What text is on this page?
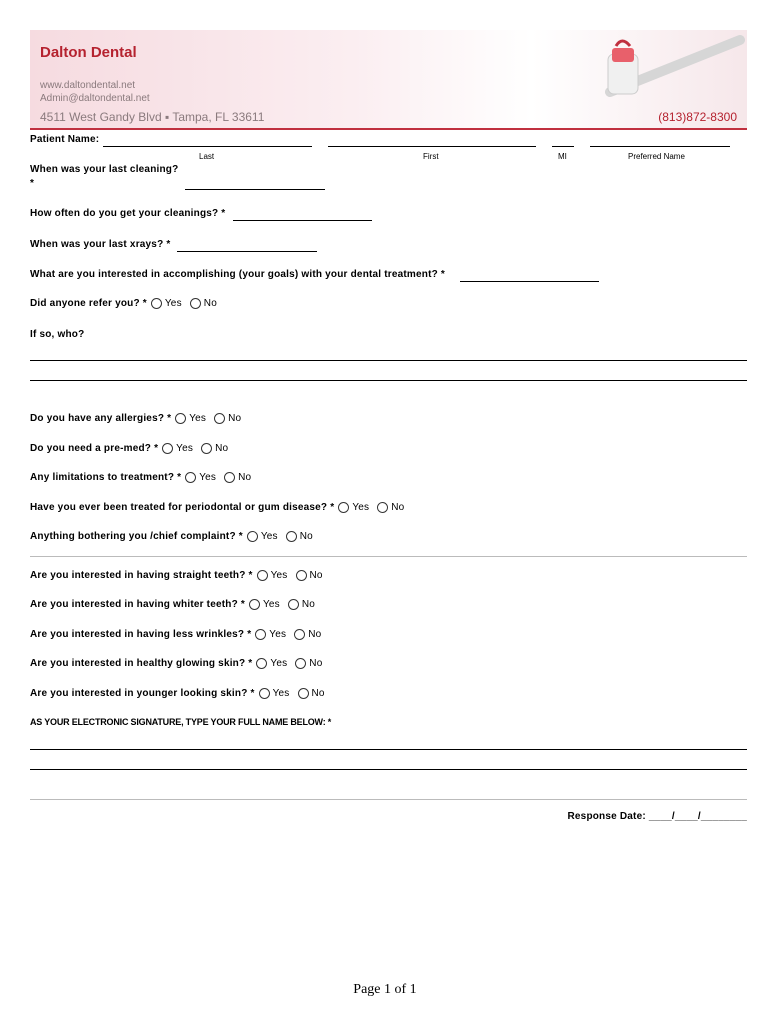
Dalton Dental
www.daltondental.net
Admin@daltondental.net
4511 West Gandy Blvd ▪ Tampa, FL 33611	(813)872-8300
Patient Name:
Last	First	MI	Preferred Name
When was your last cleaning?
*
How often do you get your cleanings? *
When was your last xrays? *
What are you interested in accomplishing (your goals) with your dental treatment? *
Did anyone refer you? * Yes No
If so, who?
Do you have any allergies? * Yes No
Do you need a pre-med? * Yes No
Any limitations to treatment? * Yes No
Have you ever been treated for periodontal or gum disease? * Yes No
Anything bothering you /chief complaint? * Yes No
Are you interested in having straight teeth? * Yes No
Are you interested in having whiter teeth? * Yes No
Are you interested in having less wrinkles? * Yes No
Are you interested in healthy glowing skin? * Yes No
Are you interested in younger looking skin? * Yes No
AS YOUR ELECTRONIC SIGNATURE, TYPE YOUR FULL NAME BELOW: *
Response Date: ____/____/________
Page 1 of 1
